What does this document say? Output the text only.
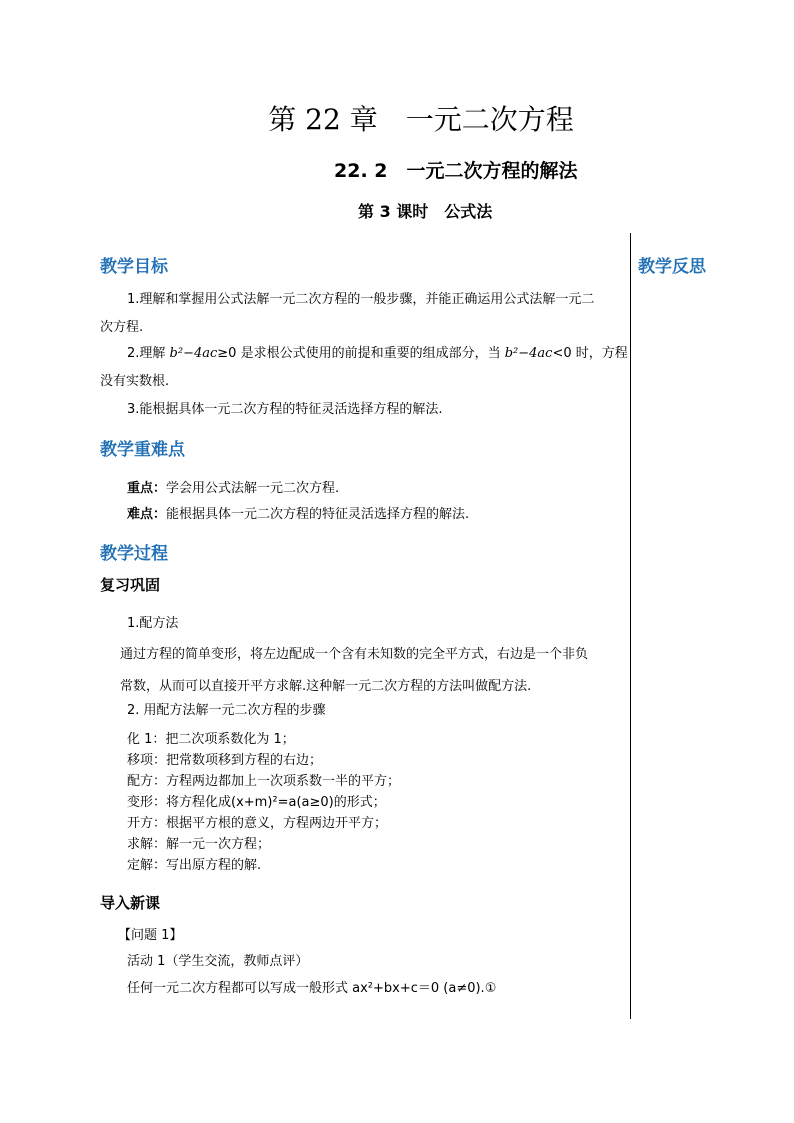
第 22 章　一元二次方程
22. 2　一元二次方程的解法
第 3 课时　公式法
教学反思
教学目标
1.理解和掌握用公式法解一元二次方程的一般步骤，并能正确运用公式法解一元二
次方程.
2.理解 b²−4ac≥0 是求根公式使用的前提和重要的组成部分，当 b²−4ac<0 时，方程
没有实数根.
3.能根据具体一元二次方程的特征灵活选择方程的解法.
教学重难点
重点：学会用公式法解一元二次方程.
难点：能根据具体一元二次方程的特征灵活选择方程的解法.
教学过程
复习巩固
1.配方法
通过方程的简单变形，将左边配成一个含有未知数的完全平方式，右边是一个非负
常数，从而可以直接开平方求解.这种解一元二次方程的方法叫做配方法.
2. 用配方法解一元二次方程的步骤
化 1：把二次项系数化为 1；
移项：把常数项移到方程的右边；
配方：方程两边都加上一次项系数一半的平方；
变形：将方程化成(x+m)²=a(a≥0)的形式；
开方：根据平方根的意义，方程两边开平方；
求解：解一元一次方程；
定解：写出原方程的解.
导入新课
【问题 1】
活动 1（学生交流，教师点评）
任何一元二次方程都可以写成一般形式 ax²+bx+c＝0 (a≠0).①
